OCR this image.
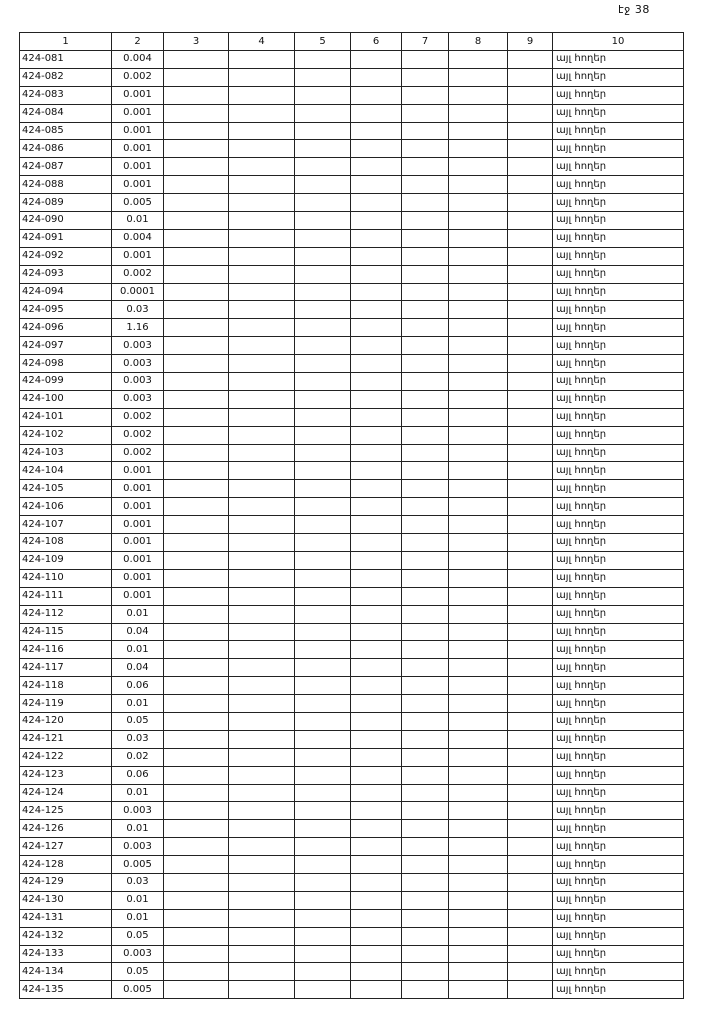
էջ 38
1	2	3	4	5	6	7	8	9	10
424-081	0.004								այլ հողեր
424-082	0.002								այլ հողեր
424-083	0.001								այլ հողեր
424-084	0.001								այլ հողեր
424-085	0.001								այլ հողեր
424-086	0.001								այլ հողեր
424-087	0.001								այլ հողեր
424-088	0.001								այլ հողեր
424-089	0.005								այլ հողեր
424-090	0.01								այլ հողեր
424-091	0.004								այլ հողեր
424-092	0.001								այլ հողեր
424-093	0.002								այլ հողեր
424-094	0.0001								այլ հողեր
424-095	0.03								այլ հողեր
424-096	1.16								այլ հողեր
424-097	0.003								այլ հողեր
424-098	0.003								այլ հողեր
424-099	0.003								այլ հողեր
424-100	0.003								այլ հողեր
424-101	0.002								այլ հողեր
424-102	0.002								այլ հողեր
424-103	0.002								այլ հողեր
424-104	0.001								այլ հողեր
424-105	0.001								այլ հողեր
424-106	0.001								այլ հողեր
424-107	0.001								այլ հողեր
424-108	0.001								այլ հողեր
424-109	0.001								այլ հողեր
424-110	0.001								այլ հողեր
424-111	0.001								այլ հողեր
424-112	0.01								այլ հողեր
424-115	0.04								այլ հողեր
424-116	0.01								այլ հողեր
424-117	0.04								այլ հողեր
424-118	0.06								այլ հողեր
424-119	0.01								այլ հողեր
424-120	0.05								այլ հողեր
424-121	0.03								այլ հողեր
424-122	0.02								այլ հողեր
424-123	0.06								այլ հողեր
424-124	0.01								այլ հողեր
424-125	0.003								այլ հողեր
424-126	0.01								այլ հողեր
424-127	0.003								այլ հողեր
424-128	0.005								այլ հողեր
424-129	0.03								այլ հողեր
424-130	0.01								այլ հողեր
424-131	0.01								այլ հողեր
424-132	0.05								այլ հողեր
424-133	0.003								այլ հողեր
424-134	0.05								այլ հողեր
424-135	0.005								այլ հողեր
